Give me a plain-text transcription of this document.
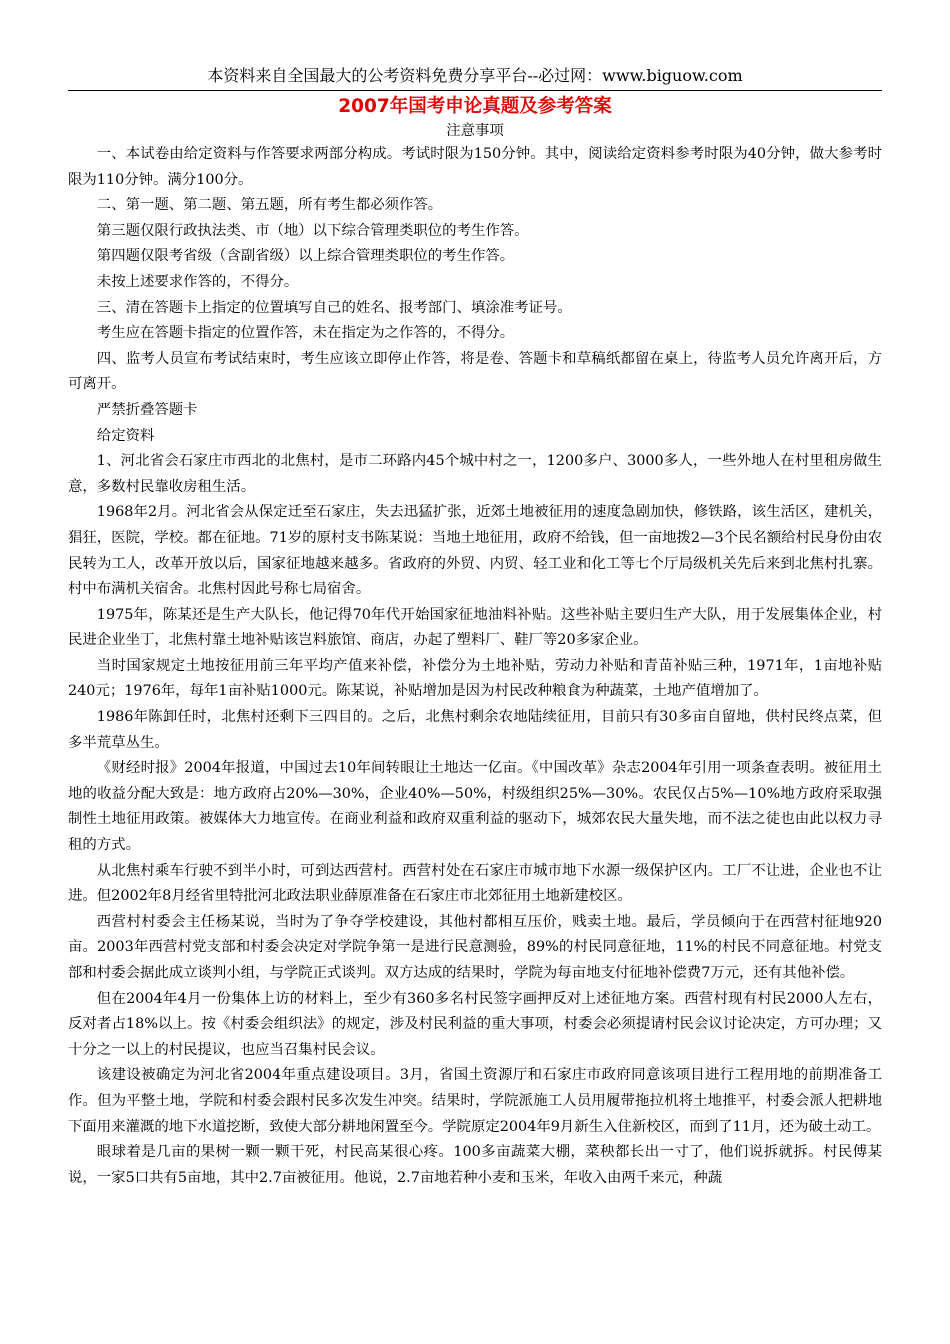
本资料来自全国最大的公考资料免费分享平台--必过网：www.biguow.com
2007年国考申论真题及参考答案
注意事项

一、本试卷由给定资料与作答要求两部分构成。考试时限为150分钟。其中，阅读给定资料参考时限为40分钟，做大参考时限为110分钟。满分100分。

二、第一题、第二题、第五题，所有考生都必须作答。

第三题仅限行政执法类、市（地）以下综合管理类职位的考生作答。

第四题仅限考省级（含副省级）以上综合管理类职位的考生作答。

未按上述要求作答的，不得分。

三、清在答题卡上指定的位置填写自己的姓名、报考部门、填涂准考证号。

考生应在答题卡指定的位置作答，未在指定为之作答的，不得分。

四、监考人员宣布考试结束时，考生应该立即停止作答，将是卷、答题卡和草稿纸都留在桌上，待监考人员允许离开后，方可离开。

严禁折叠答题卡

给定资料

1、河北省会石家庄市西北的北焦村，是市二环路内45个城中村之一，1200多户、3000多人，一些外地人在村里租房做生意，多数村民靠收房租生活。

1968年2月。河北省会从保定迁至石家庄，失去迅猛扩张，近郊土地被征用的速度急剧加快，修铁路，该生活区，建机关，猖狂，医院，学校。都在征地。71岁的原村支书陈某说：当地土地征用，政府不给钱，但一亩地拨2—3个民名额给村民身份由农民转为工人，改革开放以后，国家征地越来越多。省政府的外贸、内贸、轻工业和化工等七个厅局级机关先后来到北焦村扎寨。村中布满机关宿舍。北焦村因此号称七局宿舍。

1975年，陈某还是生产大队长，他记得70年代开始国家征地油料补贴。这些补贴主要归生产大队，用于发展集体企业，村民进企业坐丁，北焦村靠土地补贴该岂料旅馆、商店，办起了塑料厂、鞋厂等20多家企业。

当时国家规定土地按征用前三年平均产值来补偿，补偿分为土地补贴，劳动力补贴和青苗补贴三种，1971年，1亩地补贴240元；1976年，每年1亩补贴1000元。陈某说，补贴增加是因为村民改种粮食为种蔬菜，土地产值增加了。

1986年陈卸任时，北焦村还剩下三四目的。之后，北焦村剩余农地陆续征用，目前只有30多亩自留地，供村民终点菜，但多半荒草丛生。

《财经时报》2004年报道，中国过去10年间转眼让土地达一亿亩。《中国改革》杂志2004年引用一项条查表明。被征用土地的收益分配大致是：地方政府占20%—30%，企业40%—50%，村级组织25%—30%。农民仅占5%—10%地方政府采取强制性土地征用政策。被媒体大力地宣传。在商业利益和政府双重利益的驱动下，城郊农民大量失地，而不法之徒也由此以权力寻租的方式。

从北焦村乘车行驶不到半小时，可到达西营村。西营村处在石家庄市城市地下水源一级保护区内。工厂不让进，企业也不让进。但2002年8月经省里特批河北政法职业薛原准备在石家庄市北郊征用土地新建校区。

西营村村委会主任杨某说，当时为了争夺学校建设，其他村都相互压价，贱卖土地。最后，学员倾向于在西营村征地920亩。2003年西营村党支部和村委会决定对学院争第一是进行民意测验，89%的村民同意征地，11%的村民不同意征地。村党支部和村委会据此成立谈判小组，与学院正式谈判。双方达成的结果时，学院为每亩地支付征地补偿费7万元，还有其他补偿。

但在2004年4月一份集体上访的材料上，至少有360多名村民签字画押反对上述征地方案。西营村现有村民2000人左右，反对者占18%以上。按《村委会组织法》的规定，涉及村民利益的重大事项，村委会必须提请村民会议讨论决定，方可办理；又十分之一以上的村民提议，也应当召集村民会议。

该建设被确定为河北省2004年重点建设项目。3月，省国土资源厅和石家庄市政府同意该项目进行工程用地的前期准备工作。但为平整土地，学院和村委会跟村民多次发生冲突。结果时，学院派施工人员用履带拖拉机将土地推平，村委会派人把耕地下面用来灌溉的地下水道挖断，致使大部分耕地闲置至今。学院原定2004年9月新生入住新校区，而到了11月，还为破土动工。

眼球着是几亩的果树一颗一颗干死，村民高某很心疼。100多亩蔬菜大棚，菜秧都长出一寸了，他们说拆就拆。村民傅某说，一家5口共有5亩地，其中2.7亩被征用。他说，2.7亩地若种小麦和玉米，年收入由两千来元，种蔬
